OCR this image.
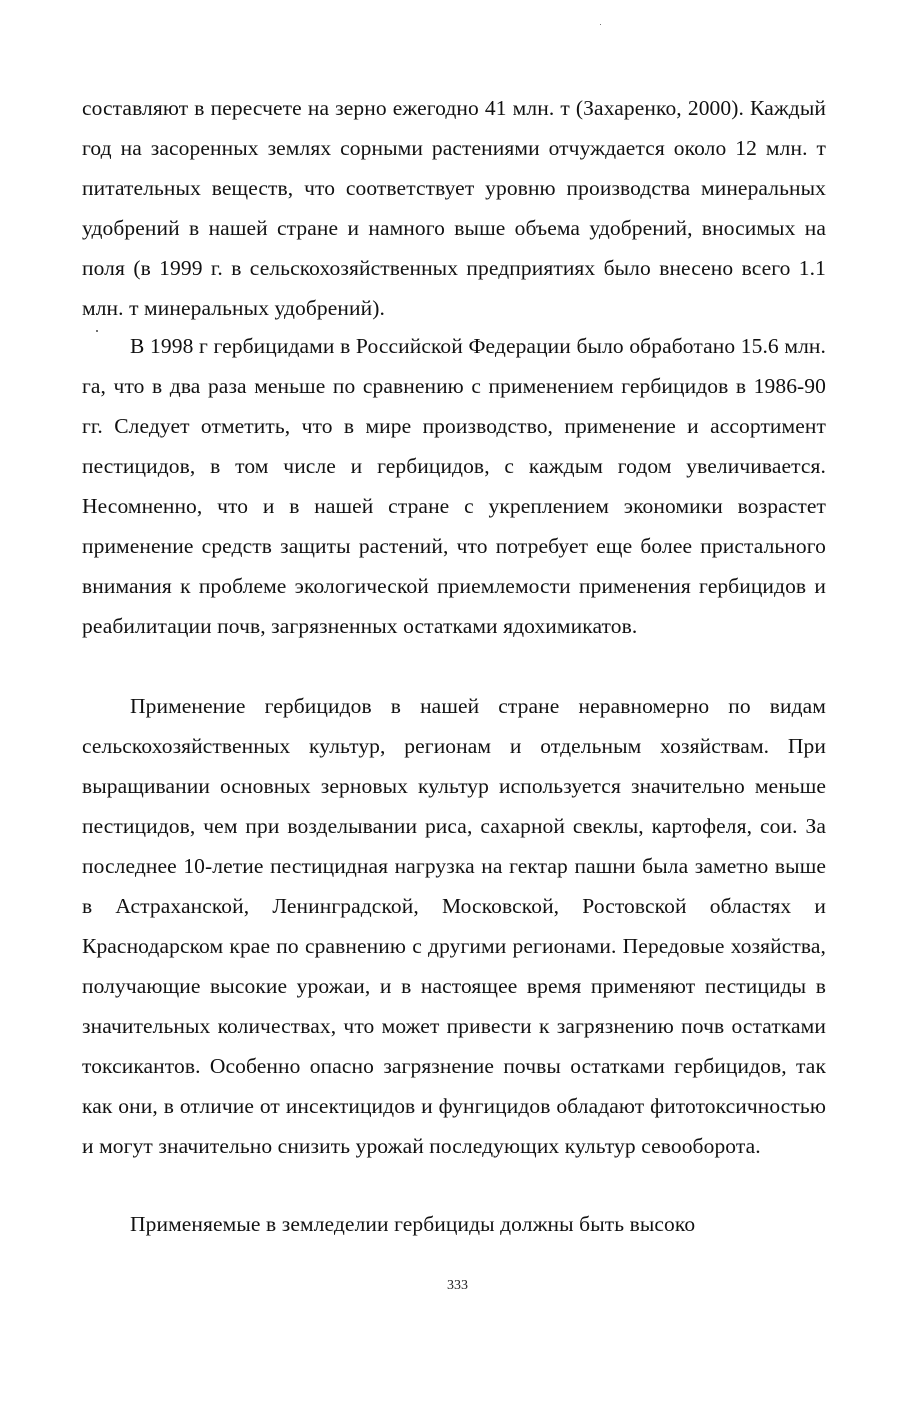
составляют в пересчете на зерно ежегодно 41 млн. т (Захаренко, 2000). Каждый год на засоренных землях сорными растениями отчуждается около 12 млн. т питательных веществ, что соответствует уровню производства минеральных удобрений в нашей стране и намного выше объема удобрений, вносимых на поля (в 1999 г. в сельскохозяйственных предприятиях было внесено всего 1.1 млн. т минеральных удобрений).

В 1998 г гербицидами в Российской Федерации было обработано 15.6 млн. га, что в два раза меньше по сравнению с применением гербицидов в 1986-90 гг. Следует отметить, что в мире производство, применение и ассортимент пестицидов, в том числе и гербицидов, с каждым годом увеличивается. Несомненно, что и в нашей стране с укреплением экономики возрастет применение средств защиты растений, что потребует еще более пристального внимания к проблеме экологической приемлемости применения гербицидов и реабилитации почв, загрязненных остатками ядохимикатов.

Применение гербицидов в нашей стране неравномерно по видам сельскохозяйственных культур, регионам и отдельным хозяйствам. При выращивании основных зерновых культур используется значительно меньше пестицидов, чем при возделывании риса, сахарной свеклы, картофеля, сои. За последнее 10-летие пестицидная нагрузка на гектар пашни была заметно выше в Астраханской, Ленинградской, Московской, Ростовской областях и Краснодарском крае по сравнению с другими регионами. Передовые хозяйства, получающие высокие урожаи, и в настоящее время применяют пестициды в значительных количествах, что может привести к загрязнению почв остатками токсикантов. Особенно опасно загрязнение почвы остатками гербицидов, так как они, в отличие от инсектицидов и фунгицидов обладают фитотоксичностью и могут значительно снизить урожай последующих культур севооборота.

Применяемые в земледелии гербициды должны быть высоко

333
